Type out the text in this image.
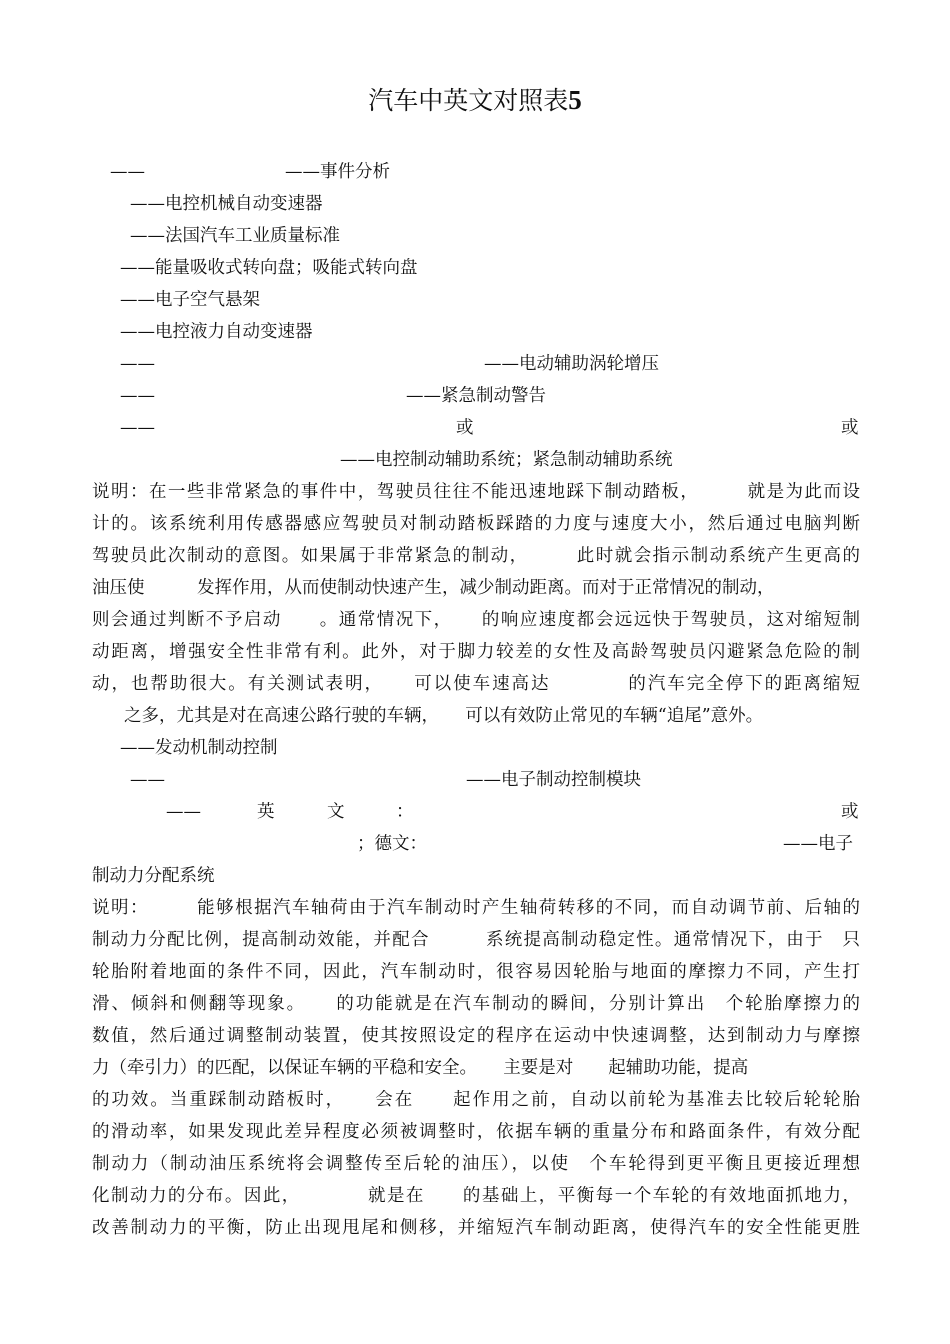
汽车中英文对照表5
——	——事件分析
——电控机械自动变速器
——法国汽车工业质量标准
——能量吸收式转向盘；吸能式转向盘
——电子空气悬架
——电控液力自动变速器
——	——电动辅助涡轮增压
——	——紧急制动警告
——	或	或
——电控制动辅助系统；紧急制动辅助系统
说明：在一些非常紧急的事件中，驾驶员往往不能迅速地踩下制动踏板，　　　就是为此而设
计的。该系统利用传感器感应驾驶员对制动踏板踩踏的力度与速度大小，然后通过电脑判断
驾驶员此次制动的意图。如果属于非常紧急的制动，　　　此时就会指示制动系统产生更高的
油压使　　　发挥作用，从而使制动快速产生，减少制动距离。而对于正常情况的制动，
则会通过判断不予启动　　。通常情况下，　　的响应速度都会远远快于驾驶员，这对缩短制
动距离，增强安全性非常有利。此外，对于脚力较差的女性及高龄驾驶员闪避紧急危险的制
动，也帮助很大。有关测试表明，　　可以使车速高达　　　　的汽车完全停下的距离缩短
之多，尤其是对在高速公路行驶的车辆，　　可以有效防止常见的车辆“追尾”意外。
——发动机制动控制
——	——电子制动控制模块
——	英	文	：	或
；德文：	——电子
制动力分配系统
说明：　　　能够根据汽车轴荷由于汽车制动时产生轴荷转移的不同，而自动调节前、后轴的
制动力分配比例，提高制动效能，并配合　　　系统提高制动稳定性。通常情况下，由于　只
轮胎附着地面的条件不同，因此，汽车制动时，很容易因轮胎与地面的摩擦力不同，产生打
滑、倾斜和侧翻等现象。　　的功能就是在汽车制动的瞬间，分别计算出　个轮胎摩擦力的
数值，然后通过调整制动装置，使其按照设定的程序在运动中快速调整，达到制动力与摩擦
力（牵引力）的匹配，以保证车辆的平稳和安全。　　主要是对　　起辅助功能，提高
的功效。当重踩制动踏板时，　　会在　　起作用之前，自动以前轮为基准去比较后轮轮胎
的滑动率，如果发现此差异程度必须被调整时，依据车辆的重量分布和路面条件，有效分配
制动力（制动油压系统将会调整传至后轮的油压），以使　个车轮得到更平衡且更接近理想
化制动力的分布。因此，　　　　就是在　　的基础上，平衡每一个车轮的有效地面抓地力，
改善制动力的平衡，防止出现甩尾和侧移，并缩短汽车制动距离，使得汽车的安全性能更胜
